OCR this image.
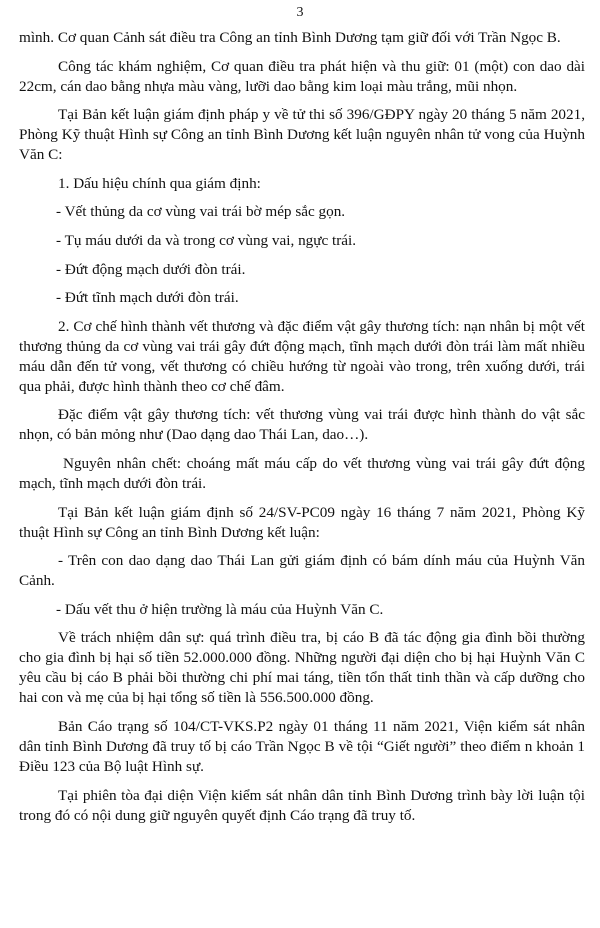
3

mình. Cơ quan Cảnh sát điều tra Công an tỉnh Bình Dương tạm giữ đối với Trần Ngọc B.

Công tác khám nghiệm, Cơ quan điều tra phát hiện và thu giữ: 01 (một) con dao dài 22cm, cán dao bằng nhựa màu vàng, lưỡi dao bằng kim loại màu trắng, mũi nhọn.

Tại Bản kết luận giám định pháp y về tử thi số 396/GĐPY ngày 20 tháng 5 năm 2021, Phòng Kỹ thuật Hình sự Công an tỉnh Bình Dương kết luận nguyên nhân tử vong của Huỳnh Văn C:

1. Dấu hiệu chính qua giám định:

- Vết thủng da cơ vùng vai trái bờ mép sắc gọn.

- Tụ máu dưới da và trong cơ vùng vai, ngực trái.

- Đứt động mạch dưới đòn trái.

- Đứt tĩnh mạch dưới đòn trái.

2. Cơ chế hình thành vết thương và đặc điểm vật gây thương tích: nạn nhân bị một vết thương thủng da cơ vùng vai trái gây đứt động mạch, tĩnh mạch dưới đòn trái làm mất nhiều máu dẫn đến tử vong, vết thương có chiều hướng từ ngoài vào trong, trên xuống dưới, trái qua phải, được hình thành theo cơ chế đâm.

Đặc điểm vật gây thương tích: vết thương vùng vai trái được hình thành do vật sắc nhọn, có bản mỏng như (Dao dạng dao Thái Lan, dao…).

Nguyên nhân chết: choáng mất máu cấp do vết thương vùng vai trái gây đứt động mạch, tĩnh mạch dưới đòn trái.

Tại Bản kết luận giám định số 24/SV-PC09 ngày 16 tháng 7 năm 2021, Phòng Kỹ thuật Hình sự Công an tỉnh Bình Dương kết luận:

- Trên con dao dạng dao Thái Lan gửi giám định có bám dính máu của Huỳnh Văn Cảnh.

- Dấu vết thu ở hiện trường là máu của Huỳnh Văn C.

Về trách nhiệm dân sự: quá trình điều tra, bị cáo B đã tác động gia đình bồi thường cho gia đình bị hại số tiền 52.000.000 đồng. Những người đại diện cho bị hại Huỳnh Văn C yêu cầu bị cáo B phải bồi thường chi phí mai táng, tiền tổn thất tinh thần và cấp dưỡng cho hai con và mẹ của bị hại tổng số tiền là 556.500.000 đồng.

Bản Cáo trạng số 104/CT-VKS.P2 ngày 01 tháng 11 năm 2021, Viện kiểm sát nhân dân tỉnh Bình Dương đã truy tố bị cáo Trần Ngọc B về tội “Giết người” theo điểm n khoản 1 Điều 123 của Bộ luật Hình sự.

Tại phiên tòa đại diện Viện kiểm sát nhân dân tỉnh Bình Dương trình bày lời luận tội trong đó có nội dung giữ nguyên quyết định Cáo trạng đã truy tố.
